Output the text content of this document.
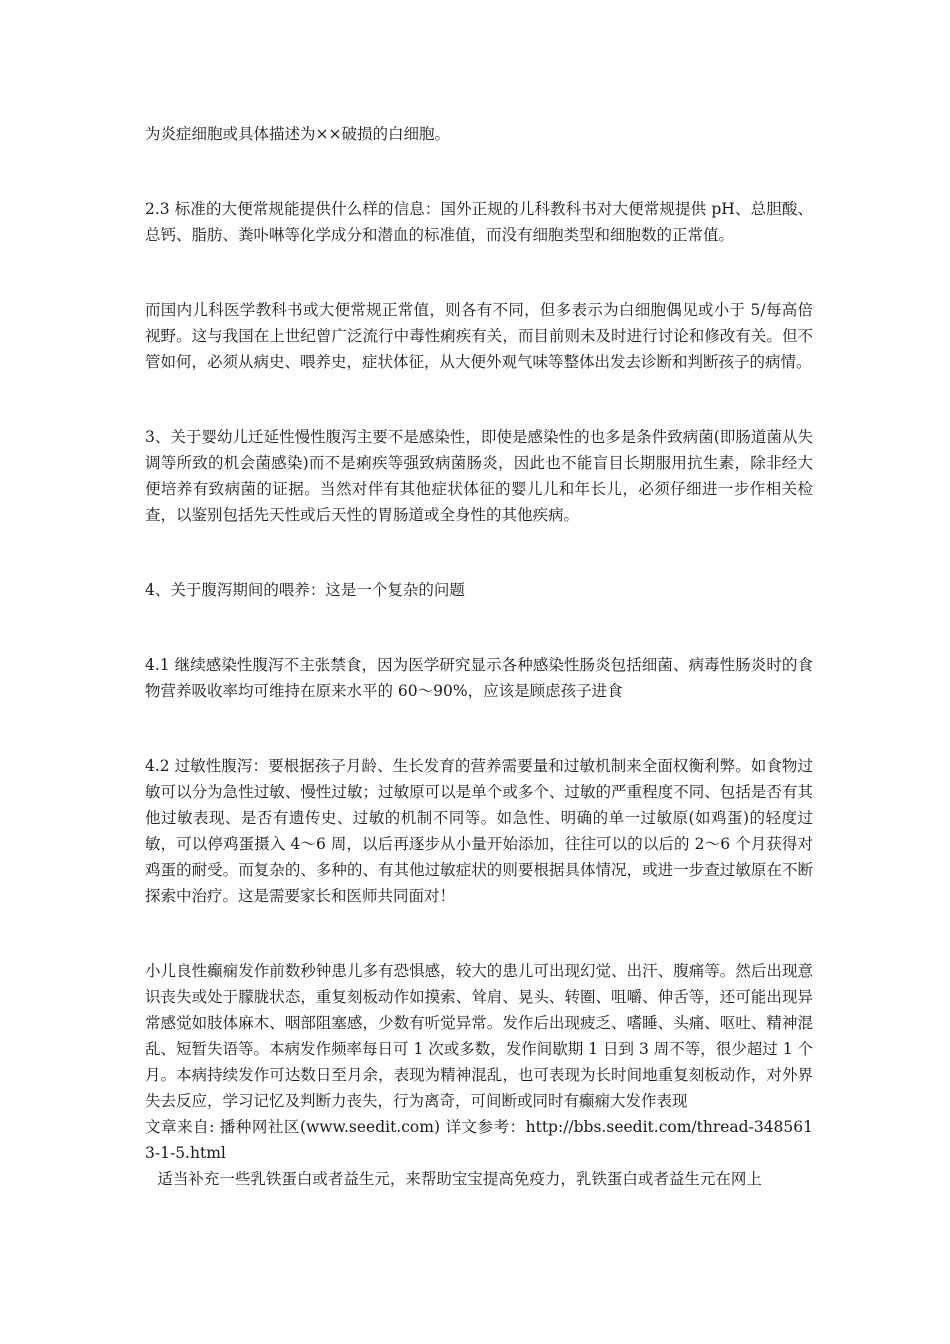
为炎症细胞或具体描述为××破损的白细胞。

2.3 标准的大便常规能提供什么样的信息：国外正规的儿科教科书对大便常规提供 pH、总胆酸、总钙、脂肪、粪卟啉等化学成分和潜血的标准值，而没有细胞类型和细胞数的正常值。

而国内儿科医学教科书或大便常规正常值，则各有不同，但多表示为白细胞偶见或小于 5/每高倍视野。这与我国在上世纪曾广泛流行中毒性痢疾有关，而目前则未及时进行讨论和修改有关。但不管如何，必须从病史、喂养史，症状体征，从大便外观气味等整体出发去诊断和判断孩子的病情。

3、关于婴幼儿迁延性慢性腹泻主要不是感染性，即使是感染性的也多是条件致病菌(即肠道菌从失调等所致的机会菌感染)而不是痢疾等强致病菌肠炎，因此也不能盲目长期服用抗生素，除非经大便培养有致病菌的证据。当然对伴有其他症状体征的婴儿儿和年长儿，必须仔细进一步作相关检查，以鉴别包括先天性或后天性的胃肠道或全身性的其他疾病。

4、关于腹泻期间的喂养：这是一个复杂的问题

4.1 继续感染性腹泻不主张禁食，因为医学研究显示各种感染性肠炎包括细菌、病毒性肠炎时的食物营养吸收率均可维持在原来水平的 60～90%，应该是顾虑孩子进食

4.2 过敏性腹泻：要根据孩子月龄、生长发育的营养需要量和过敏机制来全面权衡利弊。如食物过敏可以分为急性过敏、慢性过敏；过敏原可以是单个或多个、过敏的严重程度不同、包括是否有其他过敏表现、是否有遗传史、过敏的机制不同等。如急性、明确的单一过敏原(如鸡蛋)的轻度过敏，可以停鸡蛋摄入 4～6 周，以后再逐步从小量开始添加，往往可以的以后的 2～6 个月获得对鸡蛋的耐受。而复杂的、多种的、有其他过敏症状的则要根据具体情况，或进一步查过敏原在不断探索中治疗。这是需要家长和医师共同面对！

小儿良性癫痫发作前数秒钟患儿多有恐惧感，较大的患儿可出现幻觉、出汗、腹痛等。然后出现意识丧失或处于朦胧状态，重复刻板动作如摸索、耸肩、晃头、转圈、咀嚼、伸舌等，还可能出现异常感觉如肢体麻木、咽部阻塞感，少数有听觉异常。发作后出现疲乏、嗜睡、头痛、呕吐、精神混乱、短暂失语等。本病发作频率每日可 1 次或多数，发作间歇期 1 日到 3 周不等，很少超过 1 个月。本病持续发作可达数日至月余，表现为精神混乱，也可表现为长时间地重复刻板动作，对外界失去反应，学习记忆及判断力丧失，行为离奇，可间断或同时有癫痫大发作表现

文章来自: 播种网社区(www.seedit.com) 详文参考：http://bbs.seedit.com/thread-3485613-1-5.html

适当补充一些乳铁蛋白或者益生元，来帮助宝宝提高免疫力，乳铁蛋白或者益生元在网上
